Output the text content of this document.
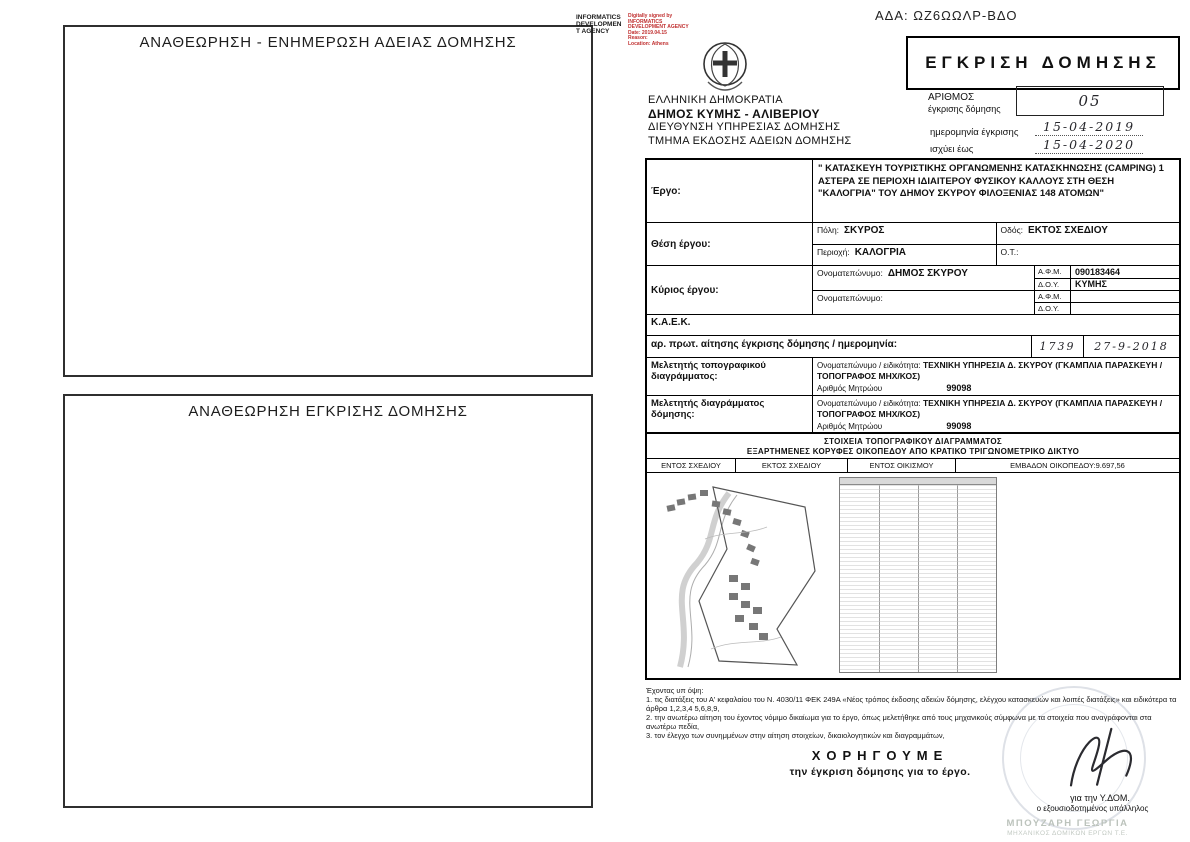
ΑΔΑ: ΩΖ6ΩΩΛΡ-ΒΔΟ
ΑΝΑΘΕΩΡΗΣΗ - ΕΝΗΜΕΡΩΣΗ ΑΔΕΙΑΣ ΔΟΜΗΣΗΣ
ΑΝΑΘΕΩΡΗΣΗ ΕΓΚΡΙΣΗΣ ΔΟΜΗΣΗΣ
INFORMATICS
DEVELOPMEN
T AGENCY
Digitally signed by
INFORMATICS
DEVELOPMENT AGENCY
Date: 2019.04.15
Reason:
Location: Athens
ΕΛΛΗΝΙΚΗ ΔΗΜΟΚΡΑΤΙΑ
ΔΗΜΟΣ ΚΥΜΗΣ - ΑΛΙΒΕΡΙΟΥ
ΔΙΕΥΘΥΝΣΗ ΥΠΗΡΕΣΙΑΣ ΔΟΜΗΣΗΣ
ΤΜΗΜΑ ΕΚΔΟΣΗΣ ΑΔΕΙΩΝ ΔΟΜΗΣΗΣ
ΕΓΚΡΙΣΗ ΔΟΜΗΣΗΣ
ΑΡΙΘΜΟΣ
έγκρισης δόμησης	05
ημερομηνία έγκρισης	15-04-2019
ισχύει έως	15-04-2020
Έργο:
" ΚΑΤΑΣΚΕΥΗ ΤΟΥΡΙΣΤΙΚΗΣ ΟΡΓΑΝΩΜΕΝΗΣ ΚΑΤΑΣΚΗΝΩΣΗΣ (CAMPING) 1 ΑΣΤΕΡΑ ΣΕ ΠΕΡΙΟΧΗ ΙΔΙΑΙΤΕΡΟΥ ΦΥΣΙΚΟΥ ΚΑΛΛΟΥΣ ΣΤΗ ΘΕΣΗ "ΚΑΛΟΓΡΙΑ" ΤΟΥ ΔΗΜΟΥ ΣΚΥΡΟΥ ΦΙΛΟΞΕΝΙΑΣ 148 ΑΤΟΜΩΝ"
Θέση έργου:
Πόλη: ΣΚΥΡΟΣ	Οδός: ΕΚΤΟΣ ΣΧΕΔΙΟΥ
Περιοχή: ΚΑΛΟΓΡΙΑ	Ο.Τ.:
Κύριος έργου:
Ονοματεπώνυμο: ΔΗΜΟΣ ΣΚΥΡΟΥ	Α.Φ.Μ.	090183464
Δ.Ο.Υ.	ΚΥΜΗΣ
Ονοματεπώνυμο:	Α.Φ.Μ.
Δ.Ο.Υ.
Κ.Α.Ε.Κ.
αρ. πρωτ. αίτησης έγκρισης δόμησης / ημερομηνία:	1739 27-9-2018
Μελετητής τοπογραφικού διαγράμματος:
Ονοματεπώνυμο / ειδικότητα: ΤΕΧΝΙΚΗ ΥΠΗΡΕΣΙΑ Δ. ΣΚΥΡΟΥ (ΓΚΑΜΠΛΙΑ ΠΑΡΑΣΚΕΥΗ / ΤΟΠΟΓΡΑΦΟΣ ΜΗΧ/ΚΟΣ)
Αριθμός Μητρώου	99098
Μελετητής διαγράμματος δόμησης:
Ονοματεπώνυμο / ειδικότητα: ΤΕΧΝΙΚΗ ΥΠΗΡΕΣΙΑ Δ. ΣΚΥΡΟΥ (ΓΚΑΜΠΛΙΑ ΠΑΡΑΣΚΕΥΗ / ΤΟΠΟΓΡΑΦΟΣ ΜΗΧ/ΚΟΣ)
Αριθμός Μητρώου	99098
ΣΤΟΙΧΕΙΑ ΤΟΠΟΓΡΑΦΙΚΟΥ ΔΙΑΓΡΑΜΜΑΤΟΣ
ΕΞΑΡΤΗΜΕΝΕΣ ΚΟΡΥΦΕΣ ΟΙΚΟΠΕΔΟΥ ΑΠΟ ΚΡΑΤΙΚΟ ΤΡΙΓΩΝΟΜΕΤΡΙΚΟ ΔΙΚΤΥΟ
ΕΝΤΟΣ ΣΧΕΔΙΟΥ	ΕΚΤΟΣ ΣΧΕΔΙΟΥ	ΕΝΤΟΣ ΟΙΚΙΣΜΟΥ	ΕΜΒΑΔΟΝ ΟΙΚΟΠΕΔΟΥ:9.697,56
Έχοντας υπ όψη:
1. τις διατάξεις του Α' κεφαλαίου του Ν. 4030/11 ΦΕΚ 249Α «Νέος τρόπος έκδοσης αδειών δόμησης, ελέγχου κατασκευών και λοιπές διατάξεις» και ειδικότερα τα άρθρα 1,2,3,4 5,6,8,9,
2. την ανωτέρω αίτηση του έχοντος νόμιμο δικαίωμα για το έργο, όπως μελετήθηκε από τους μηχανικούς σύμφωνα με τα στοιχεία που αναγράφονται στα ανωτέρω πεδία,
3. τον έλεγχο των συνημμένων στην αίτηση στοιχείων, δικαιολογητικών και διαγραμμάτων,
ΧΟΡΗΓΟΥΜΕ
την έγκριση δόμησης για το έργο.
για την Υ.ΔΟΜ.
ο εξουσιοδοτημένος υπάλληλος
ΜΠΟΥΖΑΡΗ ΓΕΩΡΓΙΑ
ΜΗΧΑΝΙΚΟΣ ΔΟΜΙΚΩΝ ΕΡΓΩΝ Τ.Ε.
